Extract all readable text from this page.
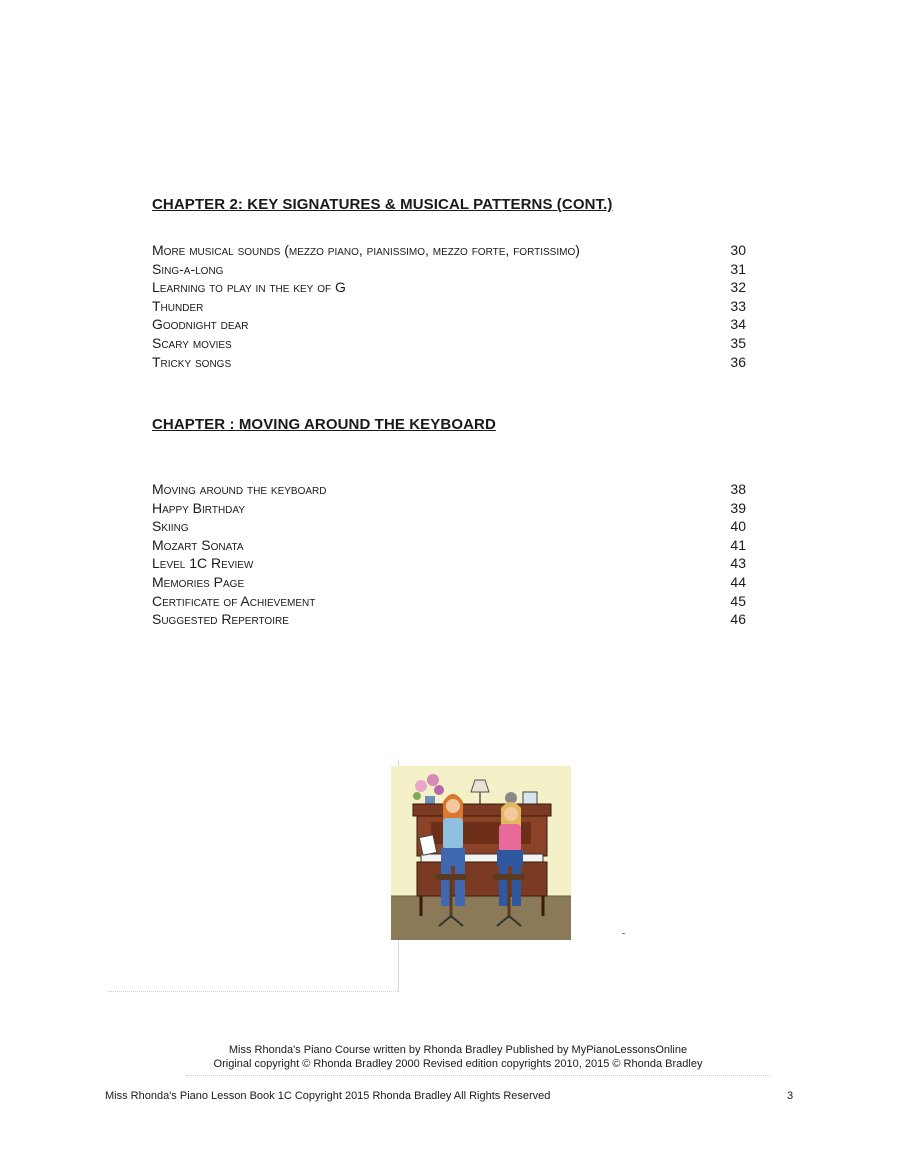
CHAPTER 2: KEY SIGNATURES & MUSICAL PATTERNS (CONT.)
More musical sounds (mezzo piano, pianissimo, mezzo forte, fortissimo)	30
Sing-a-long	31
Learning to play in the key of G	32
Thunder	33
Goodnight dear	34
Scary movies	35
Tricky songs	36
CHAPTER : MOVING AROUND THE KEYBOARD
Moving around the keyboard	38
Happy Birthday	39
Skiing	40
Mozart Sonata	41
Level 1C Review	43
Memories Page	44
Certificate of Achievement	45
Suggested Repertoire	46
Miss Rhonda's Piano Course written by Rhonda Bradley Published by MyPianoLessonsOnline
Original copyright © Rhonda Bradley 2000 Revised edition copyrights 2010, 2015 © Rhonda Bradley
Miss Rhonda's Piano Lesson Book 1C Copyright 2015 Rhonda Bradley All Rights Reserved	3
